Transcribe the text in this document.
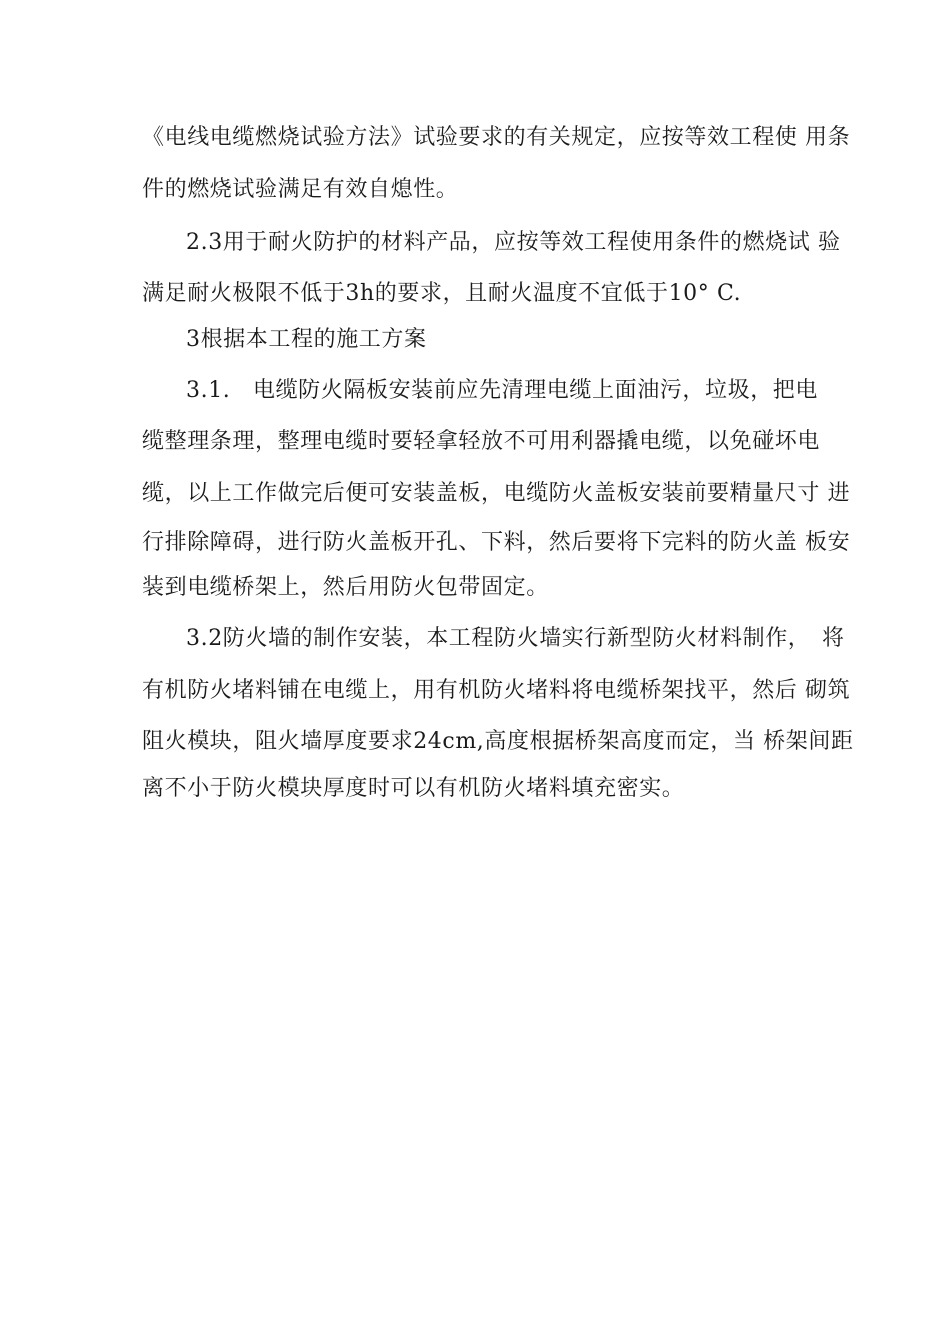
《电线电缆燃烧试验方法》试验要求的有关规定，应按等效工程使 用条
件的燃烧试验满足有效自熄性。
2.3用于耐火防护的材料产品，应按等效工程使用条件的燃烧试 验
满足耐火极限不低于3h的要求，且耐火温度不宜低于10° C.
3根据本工程的施工方案
3.1.　电缆防火隔板安装前应先清理电缆上面油污，垃圾，把电
缆整理条理，整理电缆时要轻拿轻放不可用利器撬电缆，以免碰坏电
缆，以上工作做完后便可安装盖板，电缆防火盖板安装前要精量尺寸 进
行排除障碍，进行防火盖板开孔、下料，然后要将下完料的防火盖 板安
装到电缆桥架上，然后用防火包带固定。
3.2防火墙的制作安装，本工程防火墙实行新型防火材料制作，　将
有机防火堵料铺在电缆上，用有机防火堵料将电缆桥架找平，然后 砌筑
阻火模块，阻火墙厚度要求24cm,高度根据桥架高度而定，当 桥架间距
离不小于防火模块厚度时可以有机防火堵料填充密实。
